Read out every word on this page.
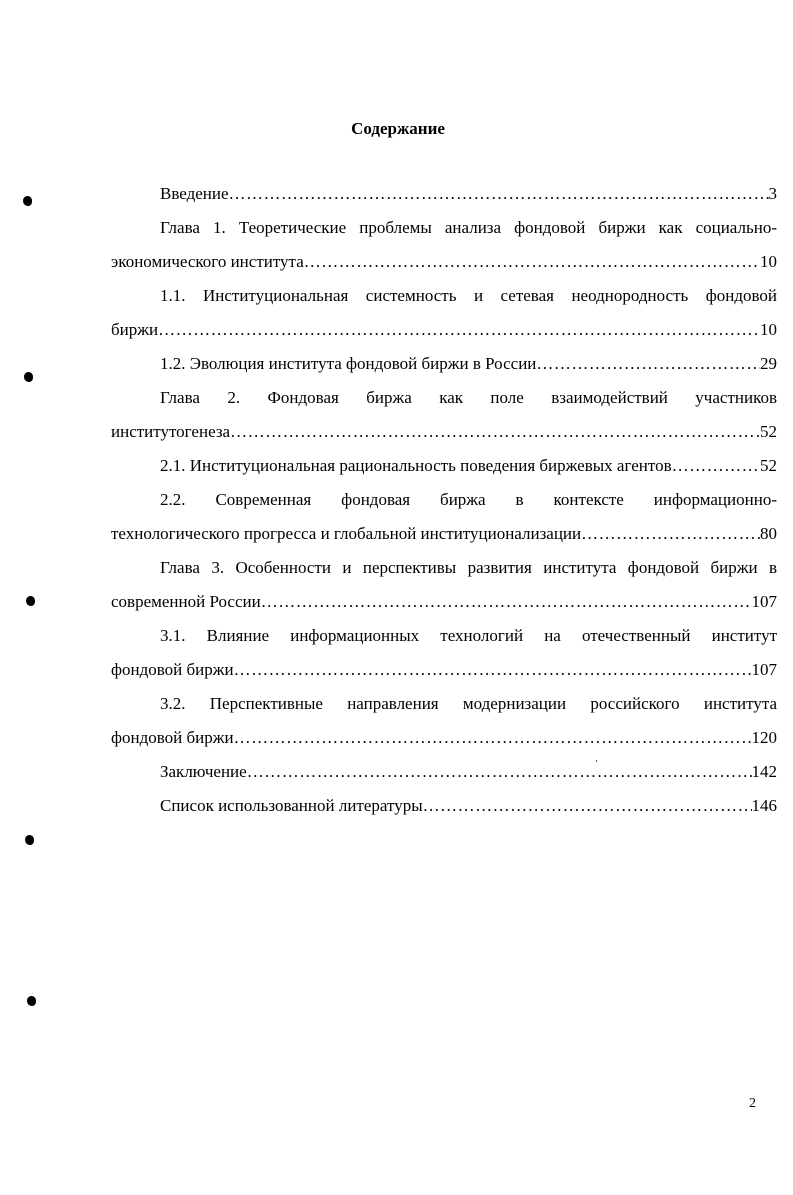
Содержание
Введение ……………………………………………………………………………………………………………………………………………………………………………	3
Глава 1. Теоретические проблемы анализа фондовой биржи как социально-
экономического института ……………………………………………………………………………………………………………………………………………………………………………	10
1.1. Институциональная системность и сетевая неоднородность фондовой
биржи ……………………………………………………………………………………………………………………………………………………………………………	10
1.2. Эволюция института фондовой биржи в России ……………………………………………………………………………………………………………………………………………………………………………	29
Глава 2. Фондовая биржа как поле взаимодействий участников
институтогенеза ……………………………………………………………………………………………………………………………………………………………………………	52
2.1. Институциональная рациональность поведения биржевых агентов ……………………………………………………………………………………………………………………………………………………………………………	52
2.2. Современная фондовая биржа в контексте информационно-
технологического прогресса и глобальной институционализации ……………………………………………………………………………………………………………………………………………………………………………	80
Глава 3. Особенности и перспективы развития института фондовой биржи в
современной России ……………………………………………………………………………………………………………………………………………………………………………	107
3.1. Влияние информационных технологий на отечественный институт
фондовой биржи ……………………………………………………………………………………………………………………………………………………………………………	107
3.2. Перспективные направления модернизации российского института
фондовой биржи ……………………………………………………………………………………………………………………………………………………………………………	120
Заключение ……………………………………………………………………………………………………………………………………………………………………………	142
Список использованной литературы ……………………………………………………………………………………………………………………………………………………………………………	146
2
